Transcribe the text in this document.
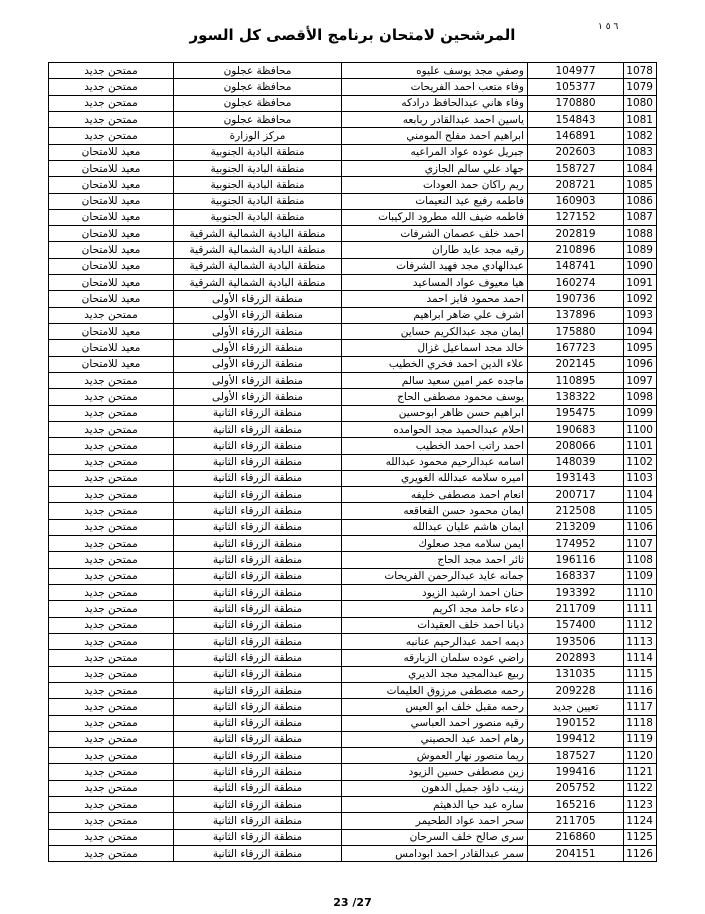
٦ ٥ ١
المرشحين لامتحان برنامج الأقصى كل السور
1078	104977	وصفي مجد يوسف عليوه	محافظة عجلون	ممتحن جديد
1079	105377	وفاء متعب احمد الفريحات	محافظة عجلون	ممتحن جديد
1080	170880	وفاء هاني عبدالحافظ درادكه	محافظة عجلون	ممتحن جديد
1081	154843	ياسين احمد عبدالقادر ربابعه	محافظة عجلون	ممتحن جديد
1082	146891	ابراهيم احمد مفلح المومني	مركز الوزارة	ممتحن جديد
1083	202603	جبريل عوده عواد المراعيه	منطقة البادية الجنوبية	معيد للامتحان
1084	158727	جهاد علي سالم الجازي	منطقة البادية الجنوبية	معيد للامتحان
1085	208721	ريم راكان حمد العودات	منطقة البادية الجنوبية	معيد للامتحان
1086	160903	فاطمه رفيع عيد النعيمات	منطقة البادية الجنوبية	معيد للامتحان
1087	127152	فاطمه ضيف الله مطرود الركيبات	منطقة البادية الجنوبية	معيد للامتحان
1088	202819	احمد خلف عصمان الشرفات	منطقة البادية الشمالية الشرقية	معيد للامتحان
1089	210896	رقيه مجد عايد طاران	منطقة البادية الشمالية الشرقية	معيد للامتحان
1090	148741	عبدالهادي مجد فهيد الشرفات	منطقة البادية الشمالية الشرقية	معيد للامتحان
1091	160274	هيا معيوف عواد المساعيد	منطقة البادية الشمالية الشرقية	معيد للامتحان
1092	190736	احمد محمود فايز احمد	منطقة الزرقاء الأولى	معيد للامتحان
1093	137896	اشرف علي ضاهر ابراهيم	منطقة الزرقاء الأولى	ممتحن جديد
1094	175880	ايمان مجد عبدالكريم حساين	منطقة الزرقاء الأولى	معيد للامتحان
1095	167723	خالد مجد اسماعيل غزال	منطقة الزرقاء الأولى	معيد للامتحان
1096	202145	علاء الدين احمد فخري الخطيب	منطقة الزرقاء الأولى	معيد للامتحان
1097	110895	ماجده عمر امين سعيد سالم	منطقة الزرقاء الأولى	ممتحن جديد
1098	138322	يوسف محمود مصطفى الحاج	منطقة الزرقاء الأولى	ممتحن جديد
1099	195475	ابراهيم حسن ظاهر ابوحسين	منطقة الزرقاء الثانية	ممتحن جديد
1100	190683	احلام عبدالحميد مجد الحوامده	منطقة الزرقاء الثانية	ممتحن جديد
1101	208066	احمد راتب احمد الخطيب	منطقة الزرقاء الثانية	ممتحن جديد
1102	148039	اسامه عبدالرحيم محمود عبدالله	منطقة الزرقاء الثانية	ممتحن جديد
1103	193143	اميره سلامه عبدالله الغويري	منطقة الزرقاء الثانية	ممتحن جديد
1104	200717	انعام احمد مصطفى خليفه	منطقة الزرقاء الثانية	ممتحن جديد
1105	212508	ايمان محمود حسن القعاقعه	منطقة الزرقاء الثانية	ممتحن جديد
1106	213209	ايمان هاشم عليان عبدالله	منطقة الزرقاء الثانية	ممتحن جديد
1107	174952	ايمن سلامه مجد صعلوك	منطقة الزرقاء الثانية	ممتحن جديد
1108	196116	ثائر احمد مجد الحاج	منطقة الزرقاء الثانية	ممتحن جديد
1109	168337	جمانه عايد عبدالرحمن الفريحات	منطقة الزرقاء الثانية	ممتحن جديد
1110	193392	حنان احمد ارشيد الزيود	منطقة الزرقاء الثانية	ممتحن جديد
1111	211709	دعاء حامد مجد اكريم	منطقة الزرقاء الثانية	ممتحن جديد
1112	157400	ديانا احمد خلف العقيدات	منطقة الزرقاء الثانية	ممتحن جديد
1113	193506	ديمه احمد عبدالرحيم عنانبه	منطقة الزرقاء الثانية	ممتحن جديد
1114	202893	راضي عوده سلمان الزبارقه	منطقة الزرقاء الثانية	ممتحن جديد
1115	131035	ربيع عبدالمجيد مجد الديري	منطقة الزرقاء الثانية	ممتحن جديد
1116	209228	رحمه مصطفى مرزوق العليمات	منطقة الزرقاء الثانية	ممتحن جديد
1117	تعيين جديد	رحمه مقبل خلف ابو العيس	منطقة الزرقاء الثانية	ممتحن جديد
1118	190152	رقيه منصور احمد العباسي	منطقة الزرقاء الثانية	ممتحن جديد
1119	199412	رهام احمد عيد الحصيني	منطقة الزرقاء الثانية	ممتحن جديد
1120	187527	ريما منصور نهار العموش	منطقة الزرقاء الثانية	ممتحن جديد
1121	199416	زين مصطفى حسين الزيود	منطقة الزرقاء الثانية	ممتحن جديد
1122	205752	زينب داؤد جميل الدهون	منطقة الزرقاء الثانية	ممتحن جديد
1123	165216	ساره عبد حيا الدهيثم	منطقة الزرقاء الثانية	ممتحن جديد
1124	211705	سحر احمد عواد الطحيمر	منطقة الزرقاء الثانية	ممتحن جديد
1125	216860	سرى صالح خلف السرحان	منطقة الزرقاء الثانية	ممتحن جديد
1126	204151	سمر عبدالقادر احمد ابودامس	منطقة الزرقاء الثانية	ممتحن جديد
23 /27
